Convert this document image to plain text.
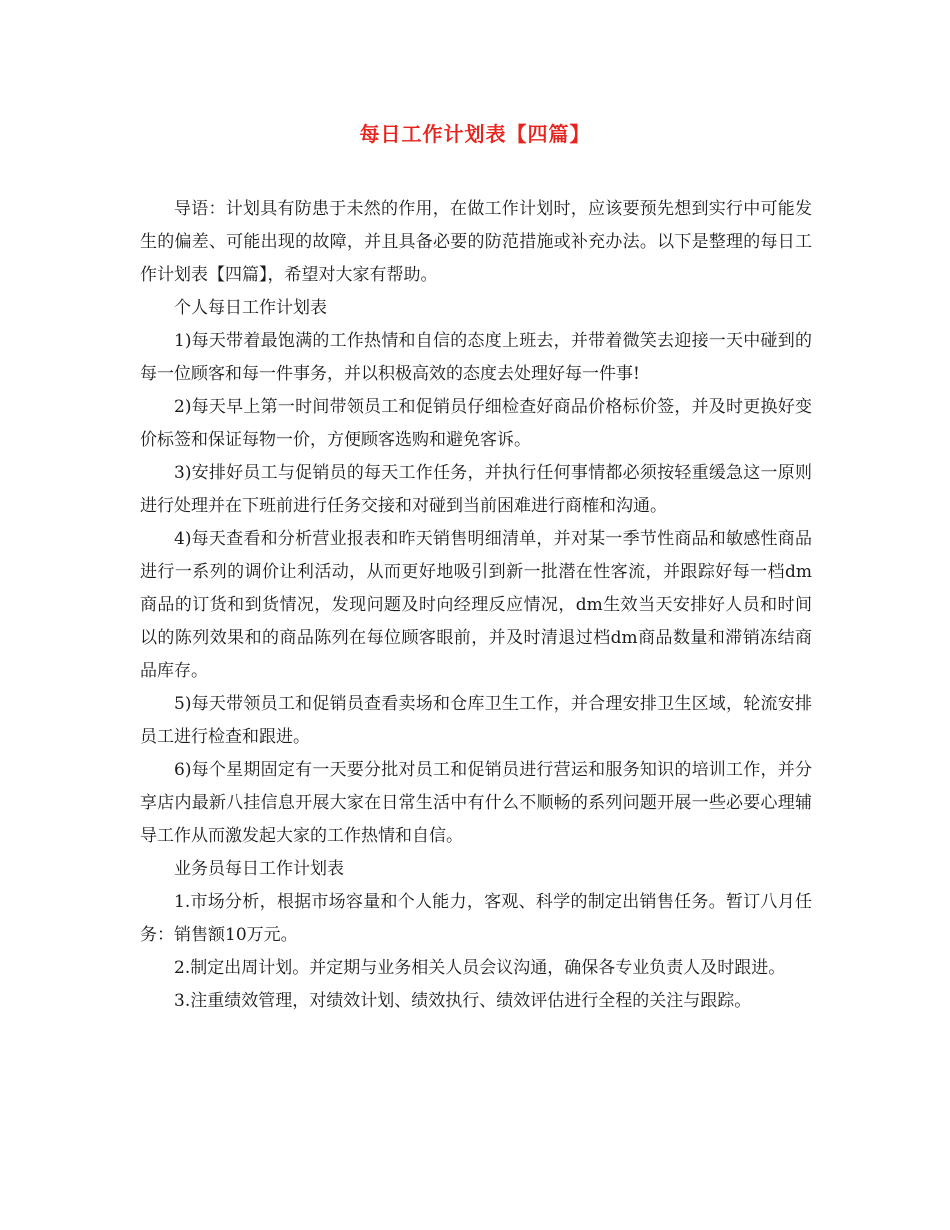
每日工作计划表【四篇】

导语：计划具有防患于未然的作用，在做工作计划时，应该要预先想到实行中可能发生的偏差、可能出现的故障，并且具备必要的防范措施或补充办法。以下是整理的每日工作计划表【四篇】，希望对大家有帮助。

个人每日工作计划表

1)每天带着最饱满的工作热情和自信的态度上班去，并带着微笑去迎接一天中碰到的每一位顾客和每一件事务，并以积极高效的态度去处理好每一件事!

2)每天早上第一时间带领员工和促销员仔细检查好商品价格标价签，并及时更换好变价标签和保证每物一价，方便顾客选购和避免客诉。

3)安排好员工与促销员的每天工作任务，并执行任何事情都必须按轻重缓急这一原则进行处理并在下班前进行任务交接和对碰到当前困难进行商榷和沟通。

4)每天查看和分析营业报表和昨天销售明细清单，并对某一季节性商品和敏感性商品进行一系列的调价让利活动，从而更好地吸引到新一批潜在性客流，并跟踪好每一档dm商品的订货和到货情况，发现问题及时向经理反应情况，dm生效当天安排好人员和时间以的陈列效果和的商品陈列在每位顾客眼前，并及时清退过档dm商品数量和滞销冻结商品库存。

5)每天带领员工和促销员查看卖场和仓库卫生工作，并合理安排卫生区域，轮流安排员工进行检查和跟进。

6)每个星期固定有一天要分批对员工和促销员进行营运和服务知识的培训工作，并分享店内最新八挂信息开展大家在日常生活中有什么不顺畅的系列问题开展一些必要心理辅导工作从而激发起大家的工作热情和自信。

业务员每日工作计划表

1.市场分析，根据市场容量和个人能力，客观、科学的制定出销售任务。暂订八月任务：销售额10万元。

2.制定出周计划。并定期与业务相关人员会议沟通，确保各专业负责人及时跟进。

3.注重绩效管理，对绩效计划、绩效执行、绩效评估进行全程的关注与跟踪。
